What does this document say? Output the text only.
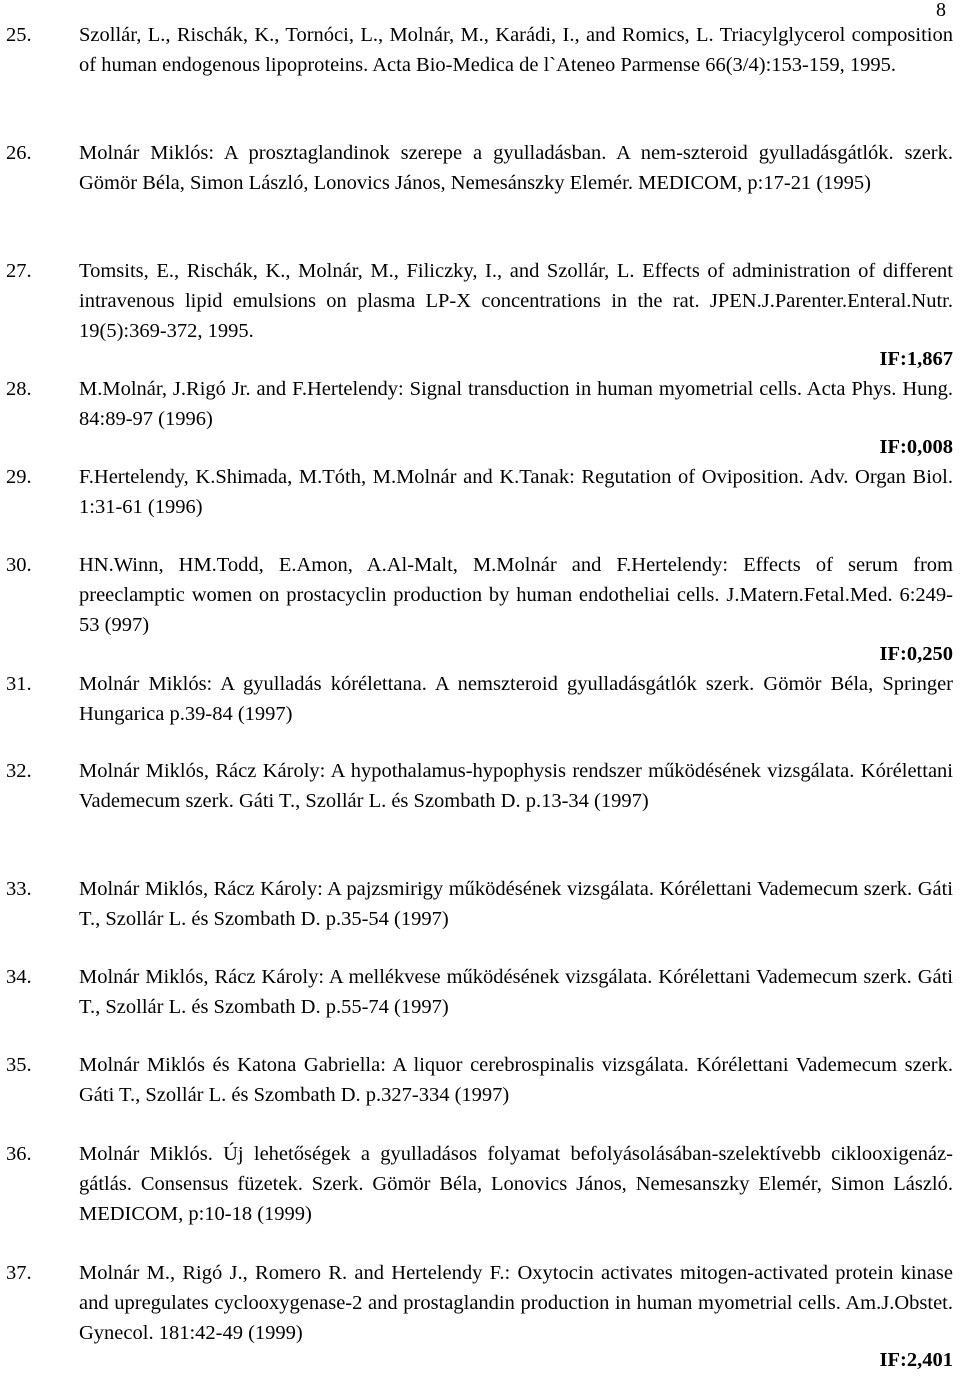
8
25. Szollár, L., Rischák, K., Tornóci, L., Molnár, M., Karádi, I., and Romics, L. Triacylglycerol composition of human endogenous lipoproteins. Acta Bio-Medica de l`Ateneo Parmense 66(3/4):153-159, 1995.
26. Molnár Miklós: A prosztaglandinok szerepe a gyulladásban. A nem-szteroid gyulladásgátlók. szerk. Gömör Béla, Simon László, Lonovics János, Nemesánszky Elemér. MEDICOM, p:17-21 (1995)
27. Tomsits, E., Rischák, K., Molnár, M., Filiczky, I., and Szollár, L. Effects of administration of different intravenous lipid emulsions on plasma LP-X concentrations in the rat. JPEN.J.Parenter.Enteral.Nutr. 19(5):369-372, 1995.
IF:1,867
28. M.Molnár, J.Rigó Jr. and F.Hertelendy: Signal transduction in human myometrial cells. Acta Phys. Hung. 84:89-97 (1996)
IF:0,008
29. F.Hertelendy, K.Shimada, M.Tóth, M.Molnár and K.Tanak: Regutation of Oviposition. Adv. Organ Biol. 1:31-61 (1996)
30. HN.Winn, HM.Todd, E.Amon, A.Al-Malt, M.Molnár and F.Hertelendy: Effects of serum from preeclamptic women on prostacyclin production by human endotheliai cells. J.Matern.Fetal.Med. 6:249-53 (997)
IF:0,250
31. Molnár Miklós: A gyulladás kórélettana. A nemszteroid gyulladásgátlók szerk. Gömör Béla, Springer Hungarica p.39-84 (1997)
32. Molnár Miklós, Rácz Károly: A hypothalamus-hypophysis rendszer működésének vizsgálata. Kórélettani Vademecum szerk. Gáti T., Szollár L. és Szombath D. p.13-34 (1997)
33. Molnár Miklós, Rácz Károly: A pajzsmirigy működésének vizsgálata. Kórélettani Vademecum szerk. Gáti T., Szollár L. és Szombath D. p.35-54 (1997)
34. Molnár Miklós, Rácz Károly: A mellékvese működésének vizsgálata. Kórélettani Vademecum szerk. Gáti T., Szollár L. és Szombath D. p.55-74 (1997)
35. Molnár Miklós és Katona Gabriella: A liquor cerebrospinalis vizsgálata. Kórélettani Vademecum szerk. Gáti T., Szollár L. és Szombath D. p.327-334 (1997)
36. Molnár Miklós. Új lehetőségek a gyulladásos folyamat befolyásolásában-szelektívebb ciklooxigenáz-gátlás. Consensus füzetek. Szerk. Gömör Béla, Lonovics János, Nemesanszky Elemér, Simon László. MEDICOM, p:10-18 (1999)
37. Molnár M., Rigó J., Romero R. and Hertelendy F.: Oxytocin activates mitogen-activated protein kinase and upregulates cyclooxygenase-2 and prostaglandin production in human myometrial cells. Am.J.Obstet. Gynecol. 181:42-49 (1999)
IF:2,401
